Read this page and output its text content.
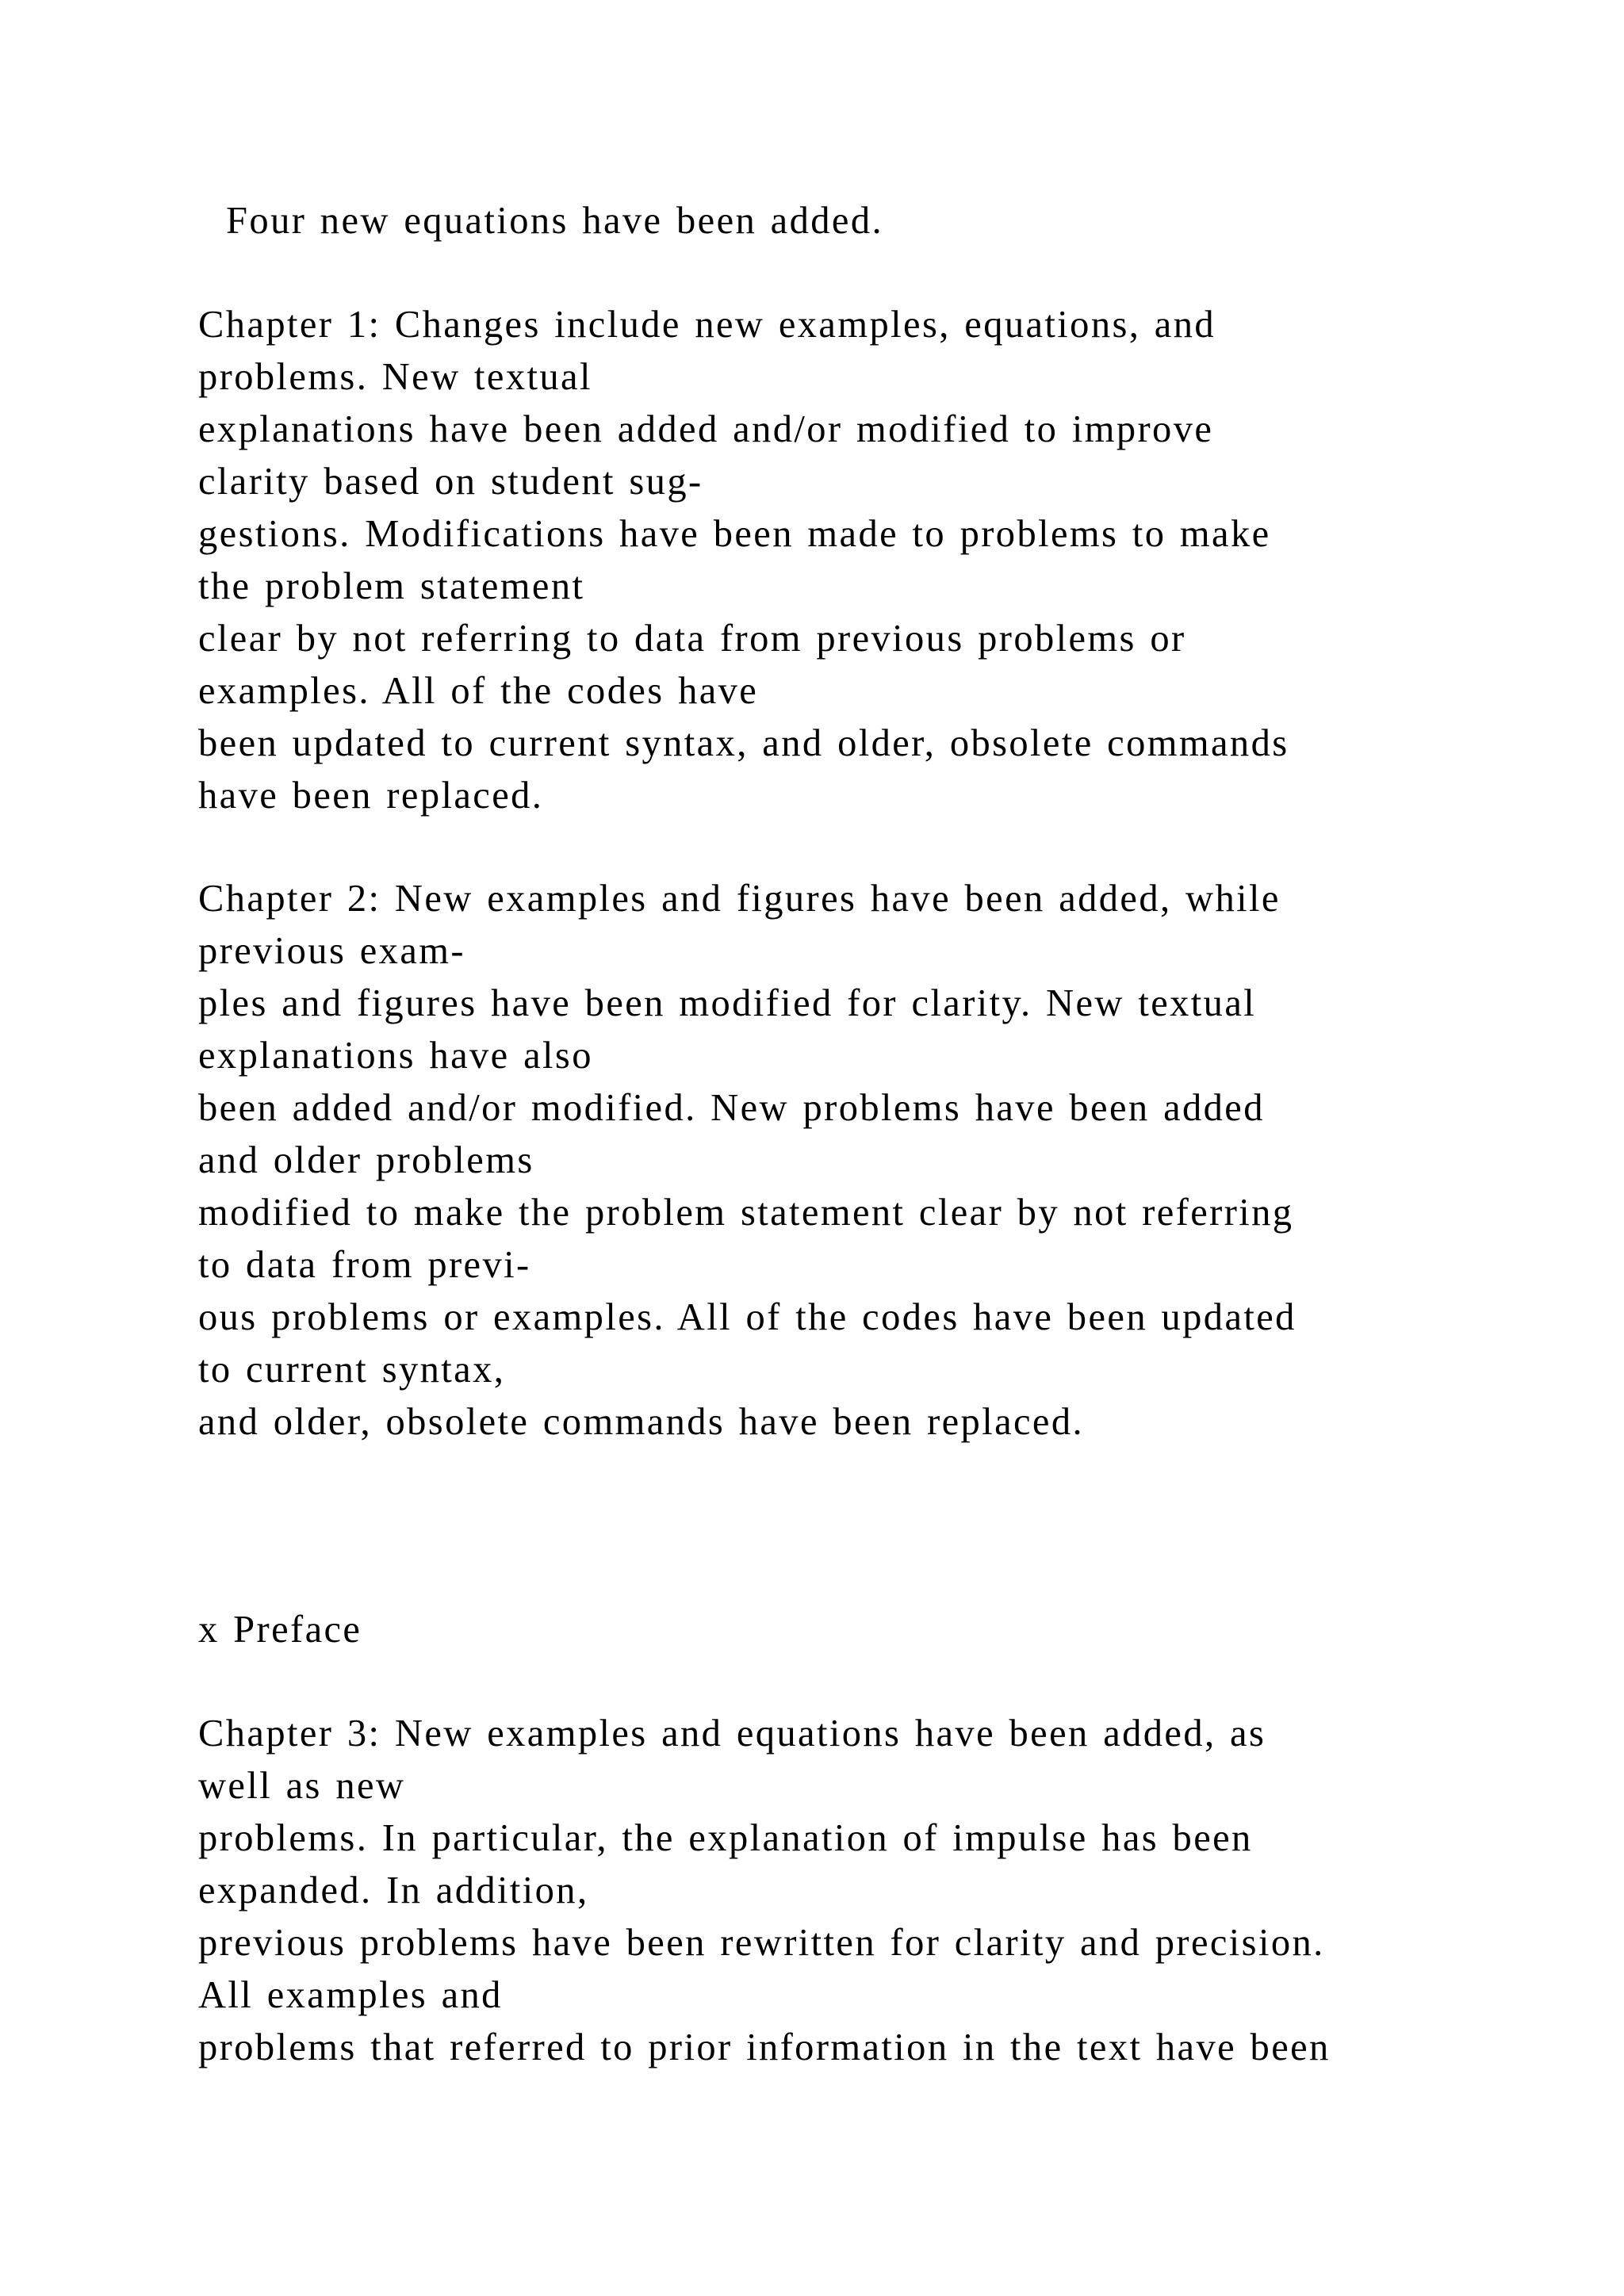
Four new equations have been added.

Chapter 1: Changes include new examples, equations, and

problems. New textual

explanations have been added and/or modified to improve

clarity based on student sug-

gestions. Modifications have been made to problems to make

the problem statement

clear by not referring to data from previous problems or

examples. All of the codes have

been updated to current syntax, and older, obsolete commands

have been replaced.

Chapter 2: New examples and figures have been added, while

previous exam-

ples and figures have been modified for clarity. New textual

explanations have also

been added and/or modified. New problems have been added

and older problems

modified to make the problem statement clear by not referring

to data from previ-

ous problems or examples. All of the codes have been updated

to current syntax,

and older, obsolete commands have been replaced.

x Preface

Chapter 3: New examples and equations have been added, as

well as new

problems. In particular, the explanation of impulse has been

expanded. In addition,

previous problems have been rewritten for clarity and precision.

All examples and

problems that referred to prior information in the text have been
